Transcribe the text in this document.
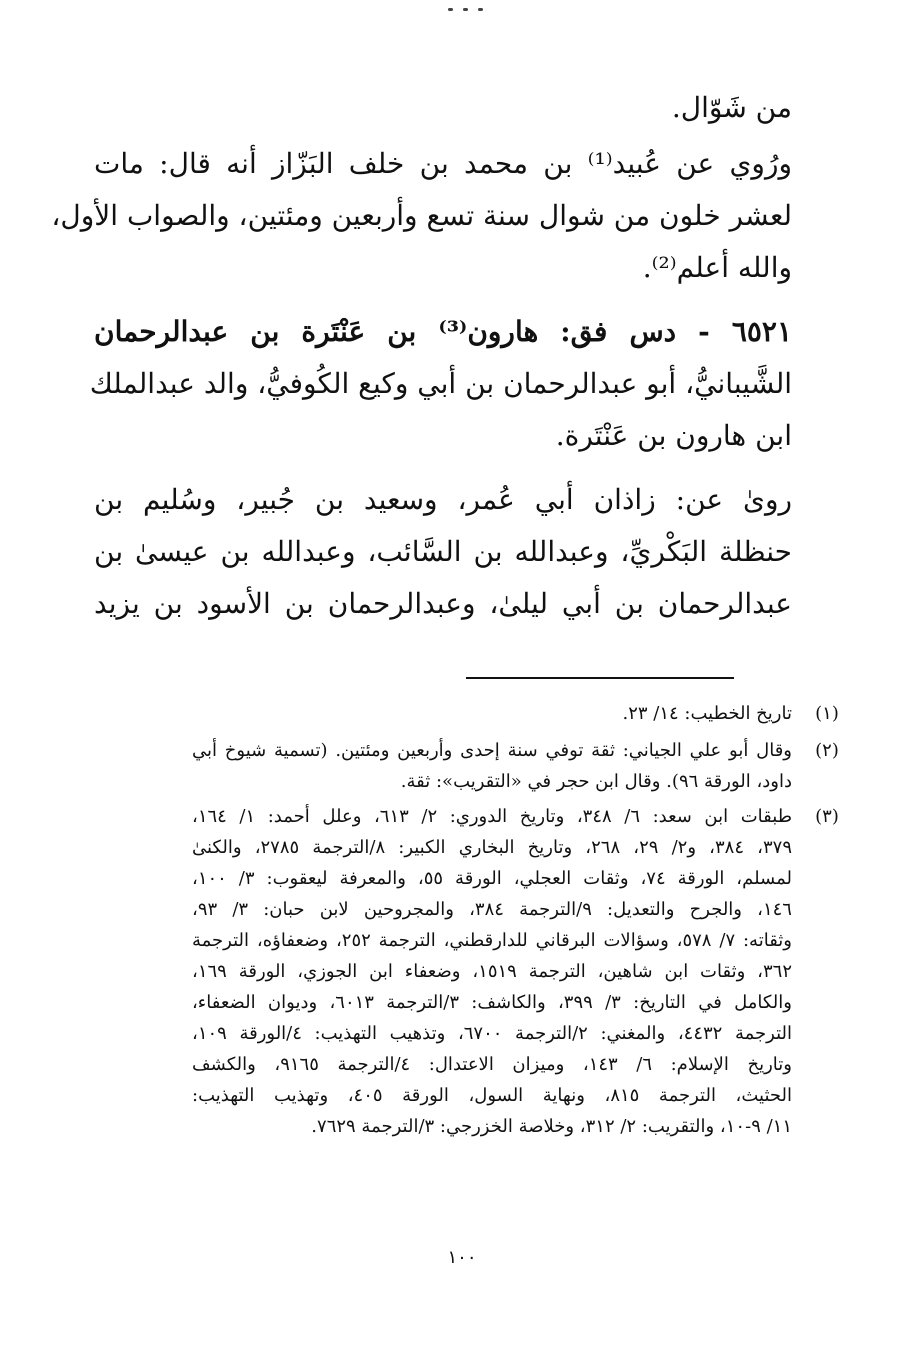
من شَوّال.
ورُوي عن عُبيد⁽¹⁾ بن محمد بن خلف البَزّاز أنه قال: مات
لعشر خلون من شوال سنة تسع وأربعين ومئتين، والصواب الأول،
والله أعلم⁽²⁾.
٦٥٢١ - دس فق: هارون⁽³⁾ بن عَنْتَرة بن عبدالرحمان
الشَّيبانيُّ، أبو عبدالرحمان بن أبي وكيع الكُوفيُّ، والد عبدالملك
ابن هارون بن عَنْتَرة.
روىٰ عن: زاذان أبي عُمر، وسعيد بن جُبير، وسُليم بن
حنظلة البَكْريِّ، وعبدالله بن السَّائب، وعبدالله بن عيسىٰ بن
عبدالرحمان بن أبي ليلىٰ، وعبدالرحمان بن الأسود بن يزيد
(١)
تاريخ الخطيب: ١٤/ ٢٣.
(٢)
وقال أبو علي الجياني: ثقة توفي سنة إحدى وأربعين ومئتين. (تسمية شيوخ أبي
داود، الورقة ٩٦). وقال ابن حجر في «التقريب»: ثقة.
(٣)
طبقات ابن سعد: ٦/ ٣٤٨، وتاريخ الدوري: ٢/ ٦١٣، وعلل أحمد: ١/ ١٦٤،
٣٧٩، ٣٨٤، و٢/ ٢٩، ٢٦٨، وتاريخ البخاري الكبير: ٨/الترجمة ٢٧٨٥، والكنىٰ
لمسلم، الورقة ٧٤، وثقات العجلي، الورقة ٥٥، والمعرفة ليعقوب: ٣/ ١٠٠،
١٤٦، والجرح والتعديل: ٩/الترجمة ٣٨٤، والمجروحين لابن حبان: ٣/ ٩٣،
وثقاته: ٧/ ٥٧٨، وسؤالات البرقاني للدارقطني، الترجمة ٢٥٢، وضعفاؤه، الترجمة
٣٦٢، وثقات ابن شاهين، الترجمة ١٥١٩، وضعفاء ابن الجوزي، الورقة ١٦٩،
والكامل في التاريخ: ٣/ ٣٩٩، والكاشف: ٣/الترجمة ٦٠١٣، وديوان الضعفاء،
الترجمة ٤٤٣٢، والمغني: ٢/الترجمة ٦٧٠٠، وتذهيب التهذيب: ٤/الورقة ١٠٩،
وتاريخ الإسلام: ٦/ ١٤٣، وميزان الاعتدال: ٤/الترجمة ٩١٦٥، والكشف
الحثيث، الترجمة ٨١٥، ونهاية السول، الورقة ٤٠٥، وتهذيب التهذيب:
١١/ ٩-١٠، والتقريب: ٢/ ٣١٢، وخلاصة الخزرجي: ٣/الترجمة ٧٦٢٩.
١٠٠
